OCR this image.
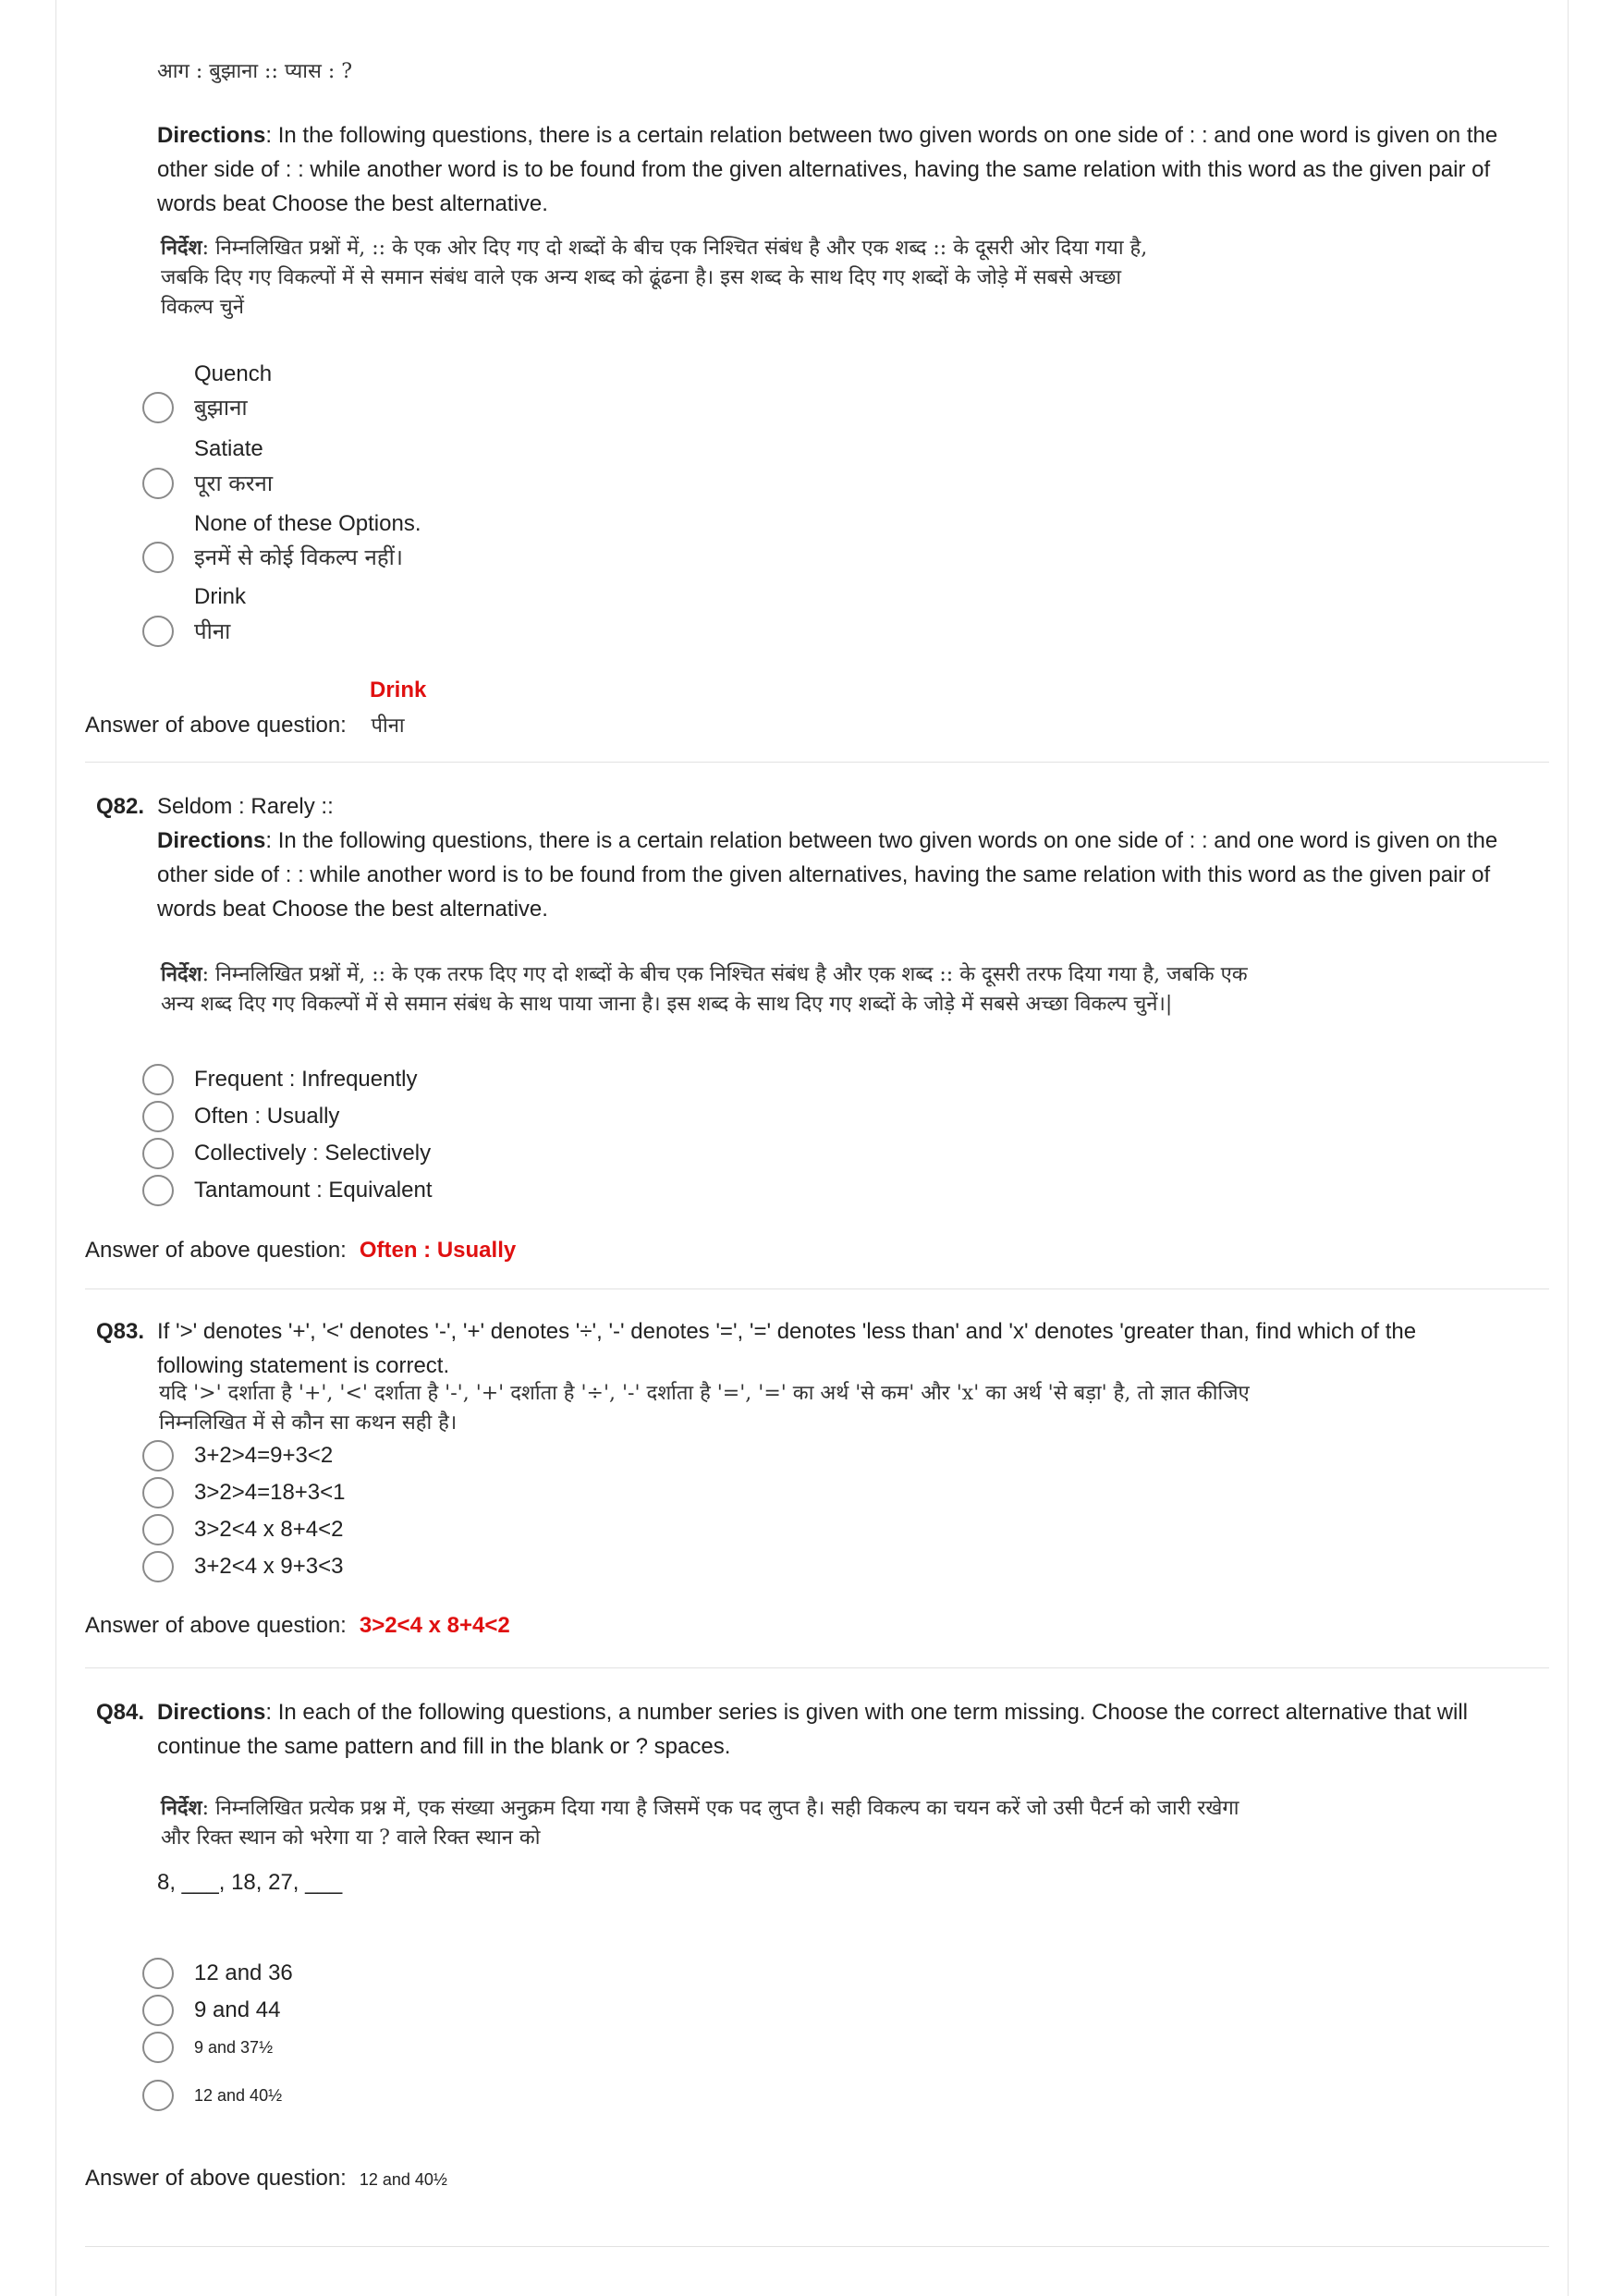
आग : बुझाना :: प्यास : ?
Directions: In the following questions, there is a certain relation between two given words on one side of : : and one word is given on the other side of : : while another word is to be found from the given alternatives, having the same relation with this word as the given pair of words beat Choose the best alternative.
निर्देश: निम्नलिखित प्रश्नों में, :: के एक ओर दिए गए दो शब्दों के बीच एक निश्चित संबंध है और एक शब्द :: के दूसरी ओर दिया गया है, जबकि दिए गए विकल्पों में से समान संबंध वाले एक अन्य शब्द को ढूंढना है। इस शब्द के साथ दिए गए शब्दों के जोड़े में सबसे अच्छा विकल्प चुनें
Quench
बुझाना
Satiate
पूरा करना
None of these Options.
इनमें से कोई विकल्प नहीं।
Drink
पीना
Drink
Answer of above question: पीना
Q82. Seldom : Rarely ::
Directions: In the following questions, there is a certain relation between two given words on one side of : : and one word is given on the other side of : : while another word is to be found from the given alternatives, having the same relation with this word as the given pair of words beat Choose the best alternative.
निर्देश: निम्नलिखित प्रश्नों में, :: के एक तरफ दिए गए दो शब्दों के बीच एक निश्चित संबंध है और एक शब्द :: के दूसरी तरफ दिया गया है, जबकि एक अन्य शब्द दिए गए विकल्पों में से समान संबंध के साथ पाया जाना है। इस शब्द के साथ दिए गए शब्दों के जोड़े में सबसे अच्छा विकल्प चुनें।|
Frequent : Infrequently
Often : Usually
Collectively : Selectively
Tantamount : Equivalent
Answer of above question: Often : Usually
Q83. If '>' denotes '+', '<' denotes '-', '+' denotes '÷', '-' denotes '=', '=' denotes 'less than' and 'x' denotes 'greater than, find which of the following statement is correct.
यदि '>' दर्शाता है '+', '<' दर्शाता है '-', '+' दर्शाता है '÷', '-' दर्शाता है '=', '=' का अर्थ 'से कम' और 'x' का अर्थ 'से बड़ा' है, तो ज्ञात कीजिए निम्नलिखित में से कौन सा कथन सही है।
3+2>4=9+3<2
3>2>4=18+3<1
3>2<4 x 8+4<2
3+2<4 x 9+3<3
Answer of above question: 3>2<4 x 8+4<2
Q84. Directions: In each of the following questions, a number series is given with one term missing. Choose the correct alternative that will continue the same pattern and fill in the blank or ? spaces.
निर्देश: निम्नलिखित प्रत्येक प्रश्न में, एक संख्या अनुक्रम दिया गया है जिसमें एक पद लुप्त है। सही विकल्प का चयन करें जो उसी पैटर्न को जारी रखेगा और रिक्त स्थान को भरेगा या ? वाले रिक्त स्थान को
8, ___, 18, 27, ___
12 and 36
9 and 44
9 and 37½
12 and 40½
Answer of above question: 12 and 40½
